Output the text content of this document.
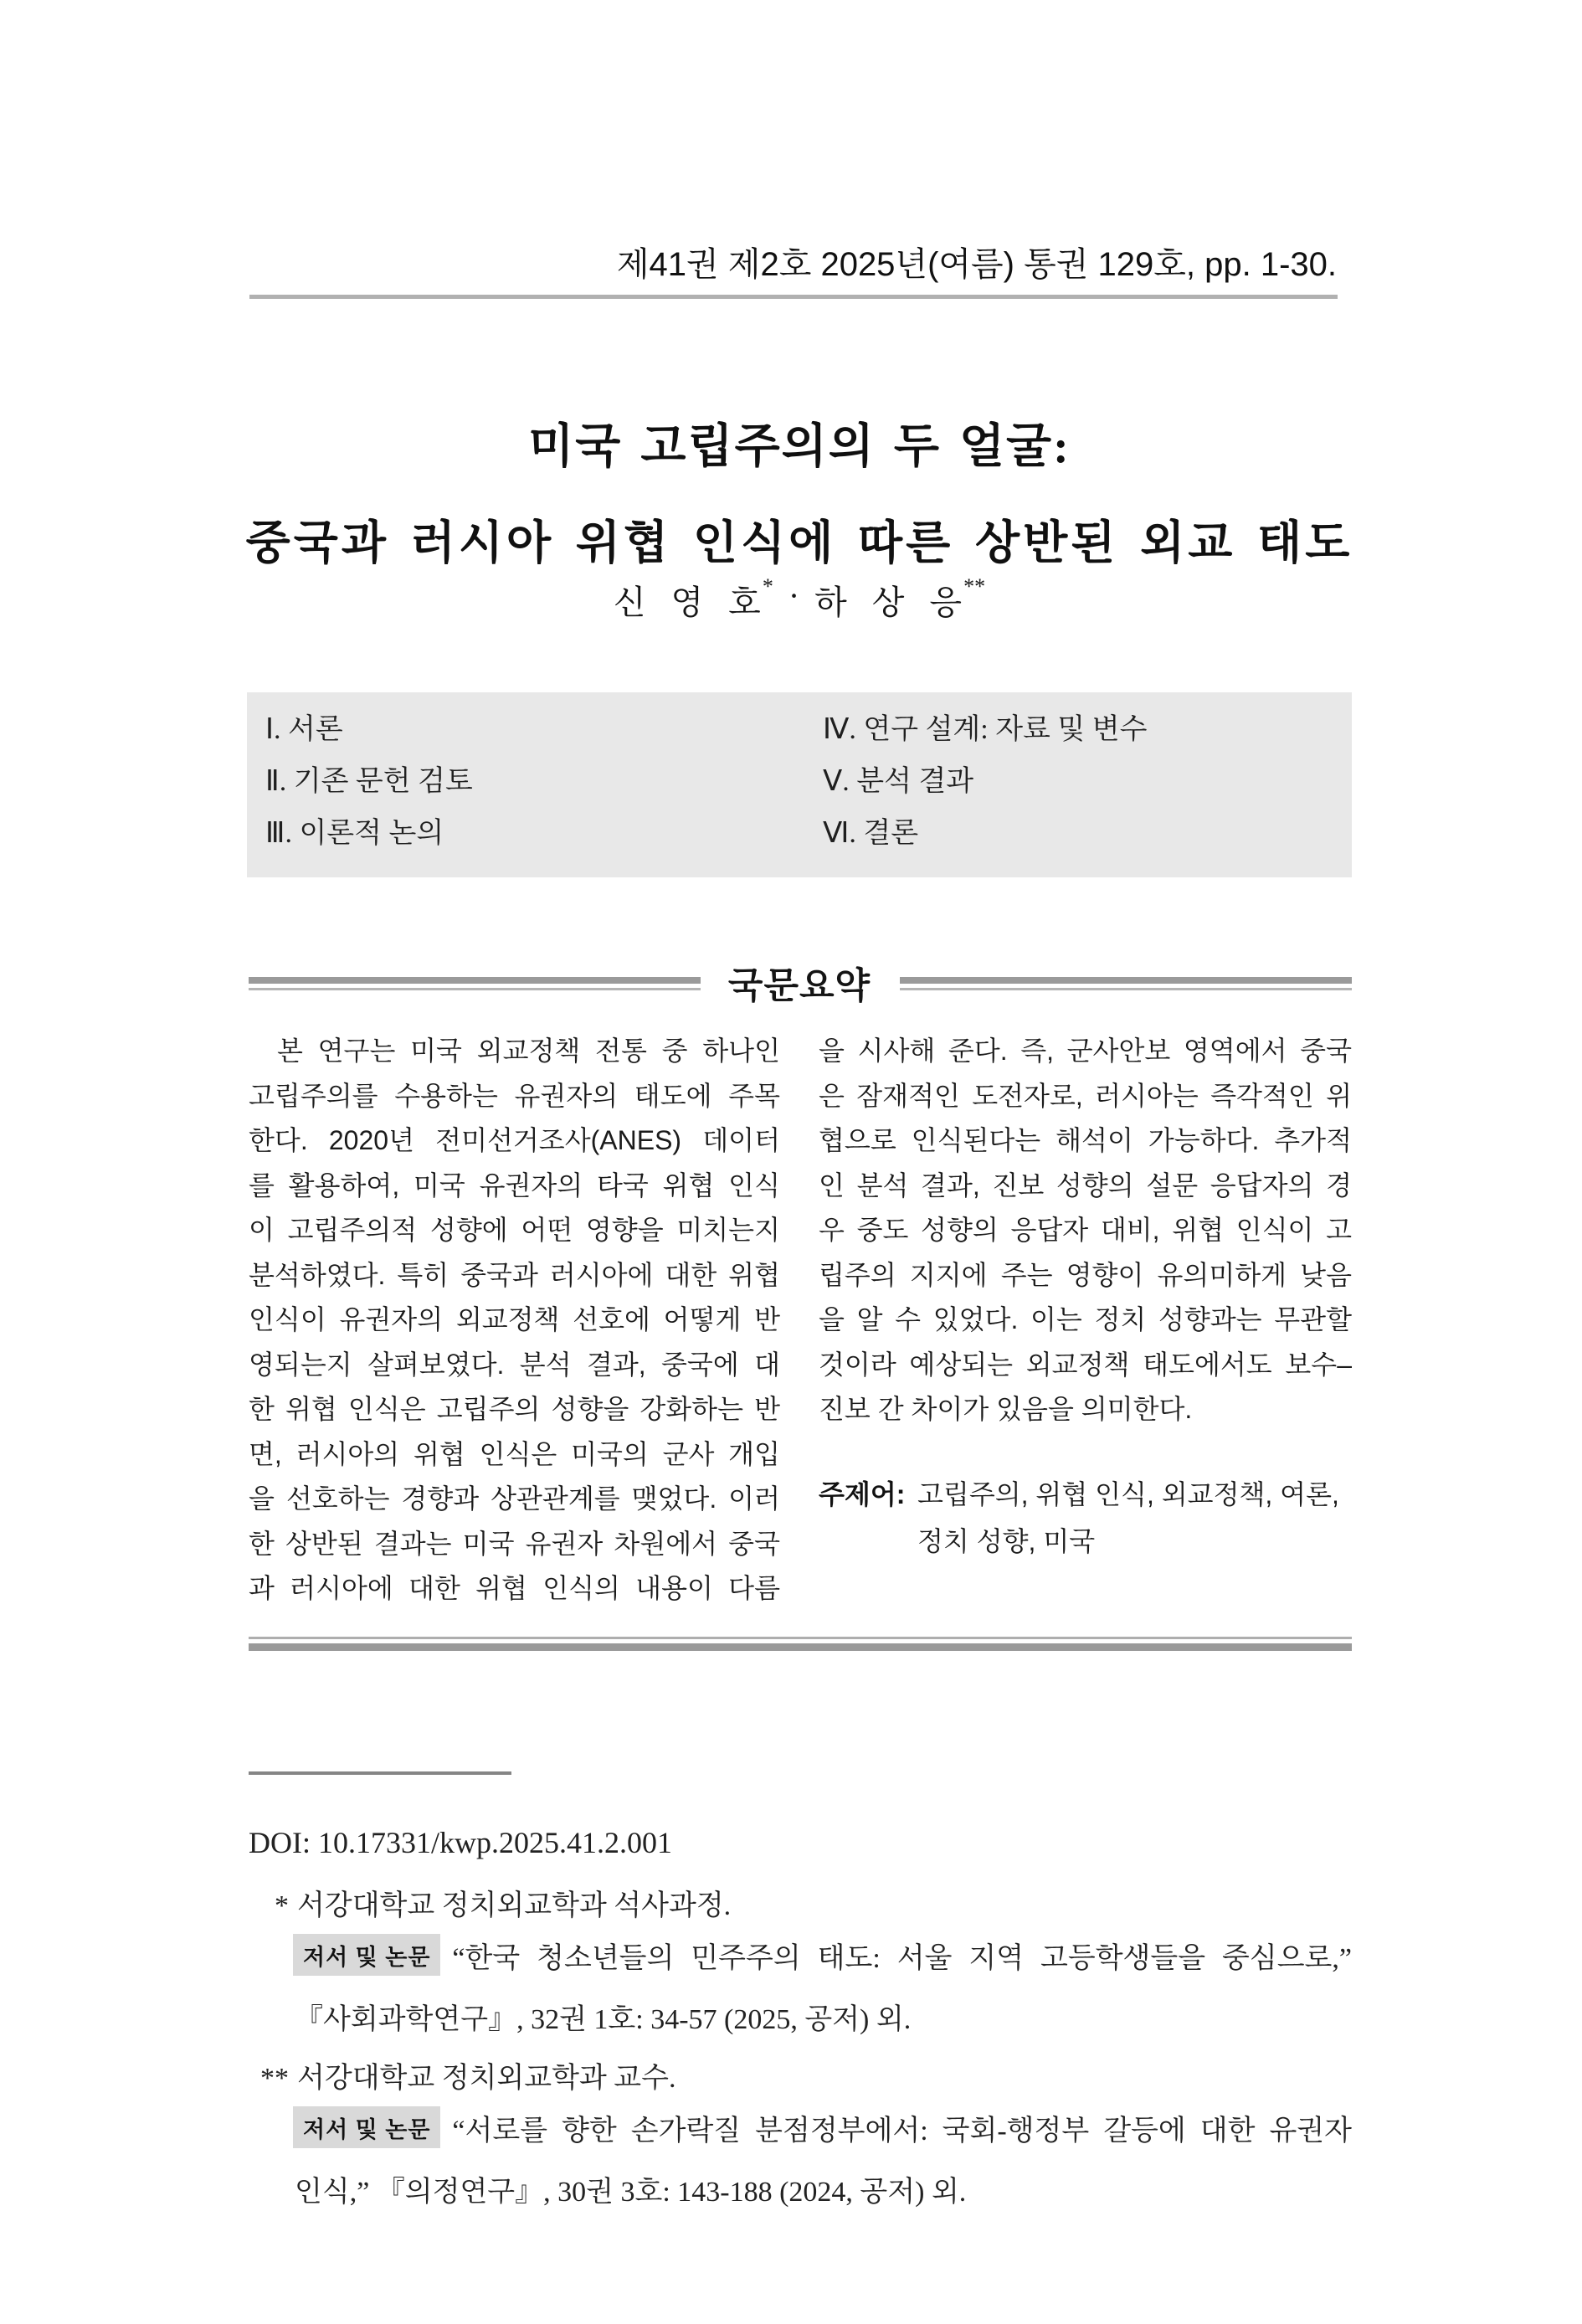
제41권 제2호 2025년(여름) 통권 129호, pp. 1-30.
미국 고립주의의 두 얼굴:
중국과 러시아 위협 인식에 따른 상반된 외교 태도
신 영 호* · 하 상 응**
Ⅰ. 서론
Ⅱ. 기존 문헌 검토
Ⅲ. 이론적 논의
Ⅳ. 연구 설계: 자료 및 변수
Ⅴ. 분석 결과
Ⅵ. 결론
국문요약
본 연구는 미국 외교정책 전통 중 하나인
고립주의를 수용하는 유권자의 태도에 주목
한다. 2020년 전미선거조사(ANES) 데이터
를 활용하여, 미국 유권자의 타국 위협 인식
이 고립주의적 성향에 어떤 영향을 미치는지
분석하였다. 특히 중국과 러시아에 대한 위협
인식이 유권자의 외교정책 선호에 어떻게 반
영되는지 살펴보였다. 분석 결과, 중국에 대
한 위협 인식은 고립주의 성향을 강화하는 반
면, 러시아의 위협 인식은 미국의 군사 개입
을 선호하는 경향과 상관관계를 맺었다. 이러
한 상반된 결과는 미국 유권자 차원에서 중국
과 러시아에 대한 위협 인식의 내용이 다름
을 시사해 준다. 즉, 군사안보 영역에서 중국
은 잠재적인 도전자로, 러시아는 즉각적인 위
협으로 인식된다는 해석이 가능하다. 추가적
인 분석 결과, 진보 성향의 설문 응답자의 경
우 중도 성향의 응답자 대비, 위협 인식이 고
립주의 지지에 주는 영향이 유의미하게 낮음
을 알 수 있었다. 이는 정치 성향과는 무관할
것이라 예상되는 외교정책 태도에서도 보수–
진보 간 차이가 있음을 의미한다.
주제어: 고립주의, 위협 인식, 외교정책, 여론,
정치 성향, 미국
DOI: 10.17331/kwp.2025.41.2.001
* 서강대학교 정치외교학과 석사과정.
저서 및 논문 “한국 청소년들의 민주주의 태도: 서울 지역 고등학생들을 중심으로,”
『사회과학연구』, 32권 1호: 34-57 (2025, 공저) 외.
** 서강대학교 정치외교학과 교수.
저서 및 논문 “서로를 향한 손가락질 분점정부에서: 국회-행정부 갈등에 대한 유권자
인식,” 『의정연구』, 30권 3호: 143-188 (2024, 공저) 외.
